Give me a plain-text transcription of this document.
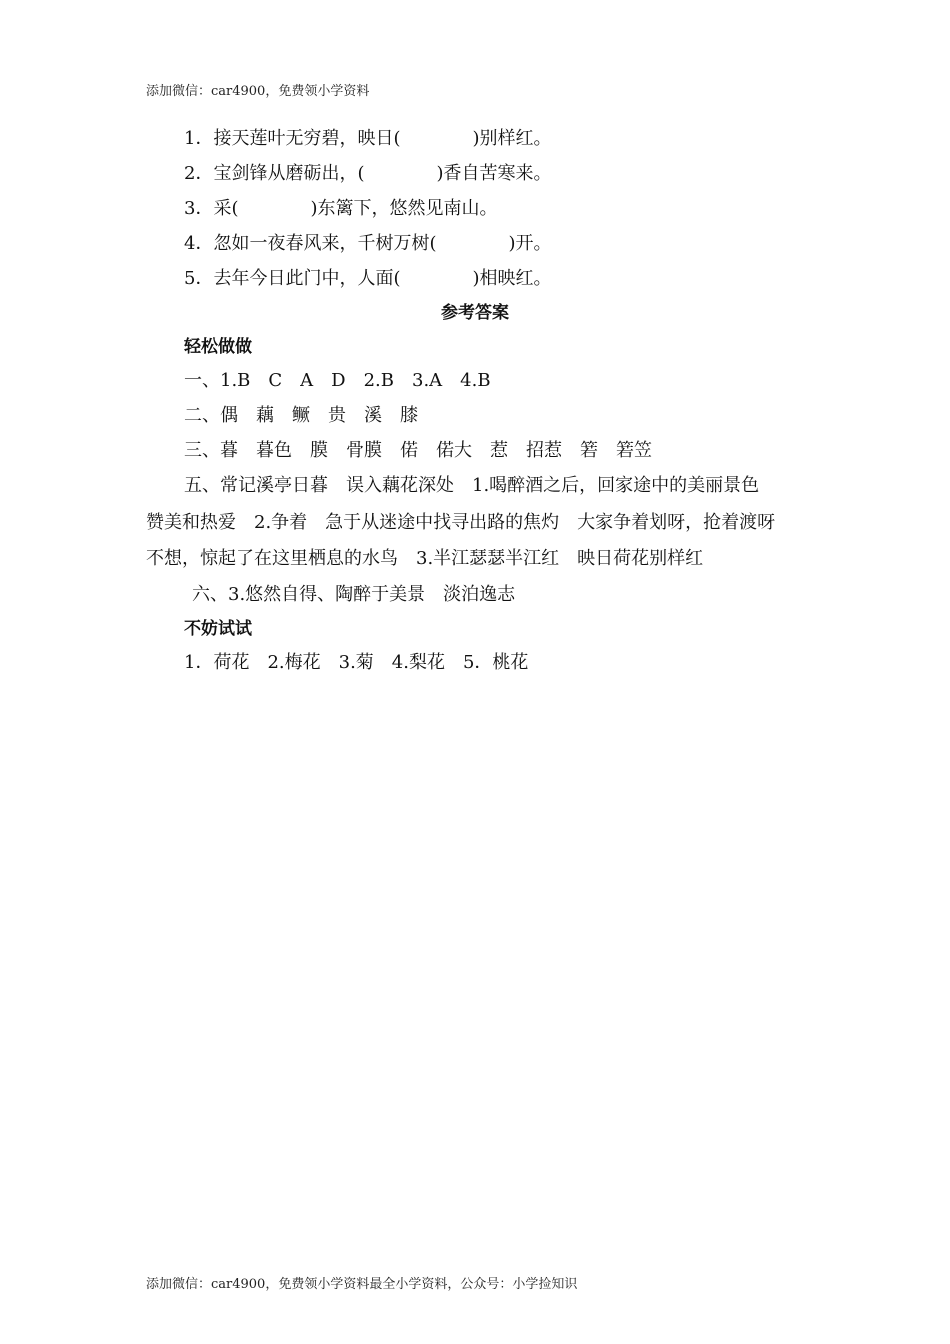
添加微信：car4900，免费领小学资料
1．接天莲叶无穷碧，映日(　　　　)别样红。
2．宝剑锋从磨砺出，(　　　　)香自苦寒来。
3．采(　　　　)东篱下，悠然见南山。
4．忽如一夜春风来，千树万树(　　　　)开。
5．去年今日此门中，人面(　　　　)相映红。
参考答案
轻松做做
一、1.B　C　A　D　2.B　3.A　4.B
二、偶　藕　鳜　贵　溪　膝
三、暮　暮色　膜　骨膜　偌　偌大　惹　招惹　箬　箬笠
五、常记溪亭日暮　误入藕花深处　1.喝醉酒之后，回家途中的美丽景色
赞美和热爱　2.争着　急于从迷途中找寻出路的焦灼　大家争着划呀，抢着渡呀
不想，惊起了在这里栖息的水鸟　3.半江瑟瑟半江红　映日荷花别样红
六、3.悠然自得、陶醉于美景　淡泊逸志
不妨试试
1．荷花　2.梅花　3.菊　4.梨花　5．桃花
添加微信：car4900，免费领小学资料最全小学资料，公众号：小学捡知识
